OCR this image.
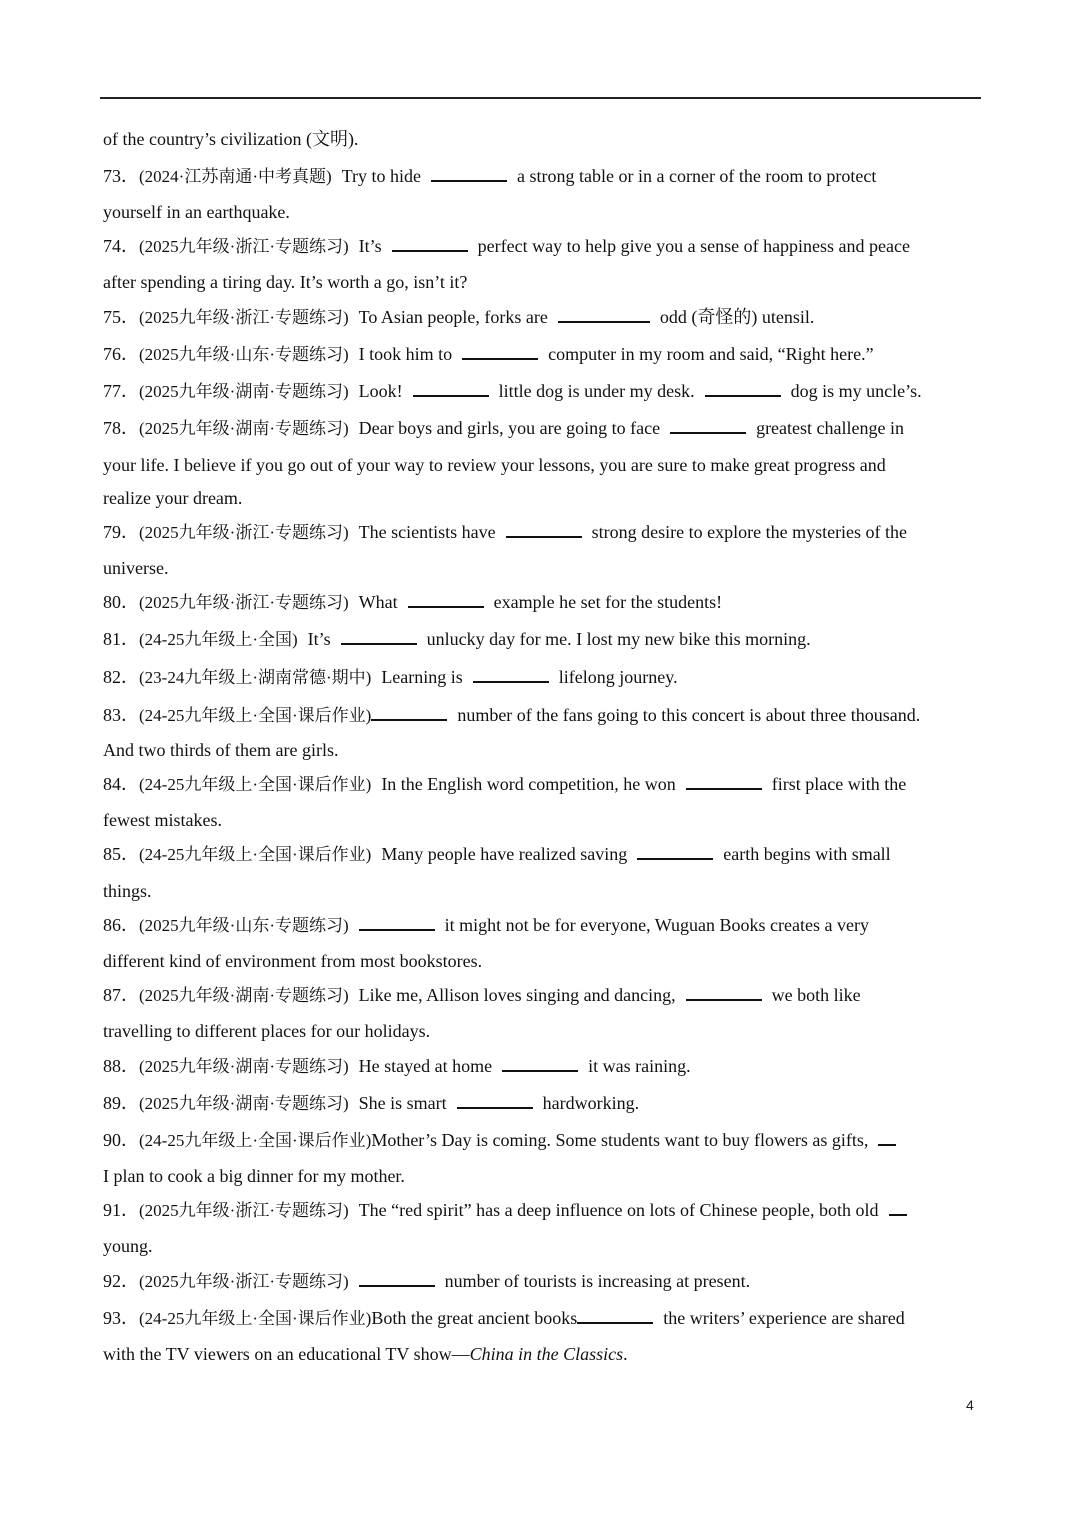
of the country’s civilization (文明).
73．(2024·江苏南通·中考真题) Try to hide	a strong table or in a corner of the room to protect
yourself in an earthquake.
74．(2025九年级·浙江·专题练习) It’s	perfect way to help give you a sense of happiness and peace
after spending a tiring day. It’s worth a go, isn’t it?
75．(2025九年级·浙江·专题练习) To Asian people, forks are	odd (奇怪的) utensil.
76．(2025九年级·山东·专题练习) I took him to	computer in my room and said, “Right here.”
77．(2025九年级·湖南·专题练习) Look!	little dog is under my desk.	dog is my uncle’s.
78．(2025九年级·湖南·专题练习) Dear boys and girls, you are going to face	greatest challenge in
your life. I believe if you go out of your way to review your lessons, you are sure to make great progress and
realize your dream.
79．(2025九年级·浙江·专题练习) The scientists have	strong desire to explore the mysteries of the
universe.
80．(2025九年级·浙江·专题练习) What	example he set for the students!
81．(24-25九年级上·全国) It’s	unlucky day for me. I lost my new bike this morning.
82．(23-24九年级上·湖南常德·期中) Learning is	lifelong journey.
83．(24-25九年级上·全国·课后作业)	number of the fans going to this concert is about three thousand.
And two thirds of them are girls.
84．(24-25九年级上·全国·课后作业) In the English word competition, he won	first place with the
fewest mistakes.
85．(24-25九年级上·全国·课后作业) Many people have realized saving	earth begins with small
things.
86．(2025九年级·山东·专题练习)	it might not be for everyone, Wuguan Books creates a very
different kind of environment from most bookstores.
87．(2025九年级·湖南·专题练习) Like me, Allison loves singing and dancing,	we both like
travelling to different places for our holidays.
88．(2025九年级·湖南·专题练习) He stayed at home	it was raining.
89．(2025九年级·湖南·专题练习) She is smart	hardworking.
90．(24-25九年级上·全国·课后作业)Mother’s Day is coming. Some students want to buy flowers as gifts,
I plan to cook a big dinner for my mother.
91．(2025九年级·浙江·专题练习) The “red spirit” has a deep influence on lots of Chinese people, both old
young.
92．(2025九年级·浙江·专题练习)	number of tourists is increasing at present.
93．(24-25九年级上·全国·课后作业)Both the great ancient books	the writers’ experience are shared
with the TV viewers on an educational TV show—China in the Classics.
4
